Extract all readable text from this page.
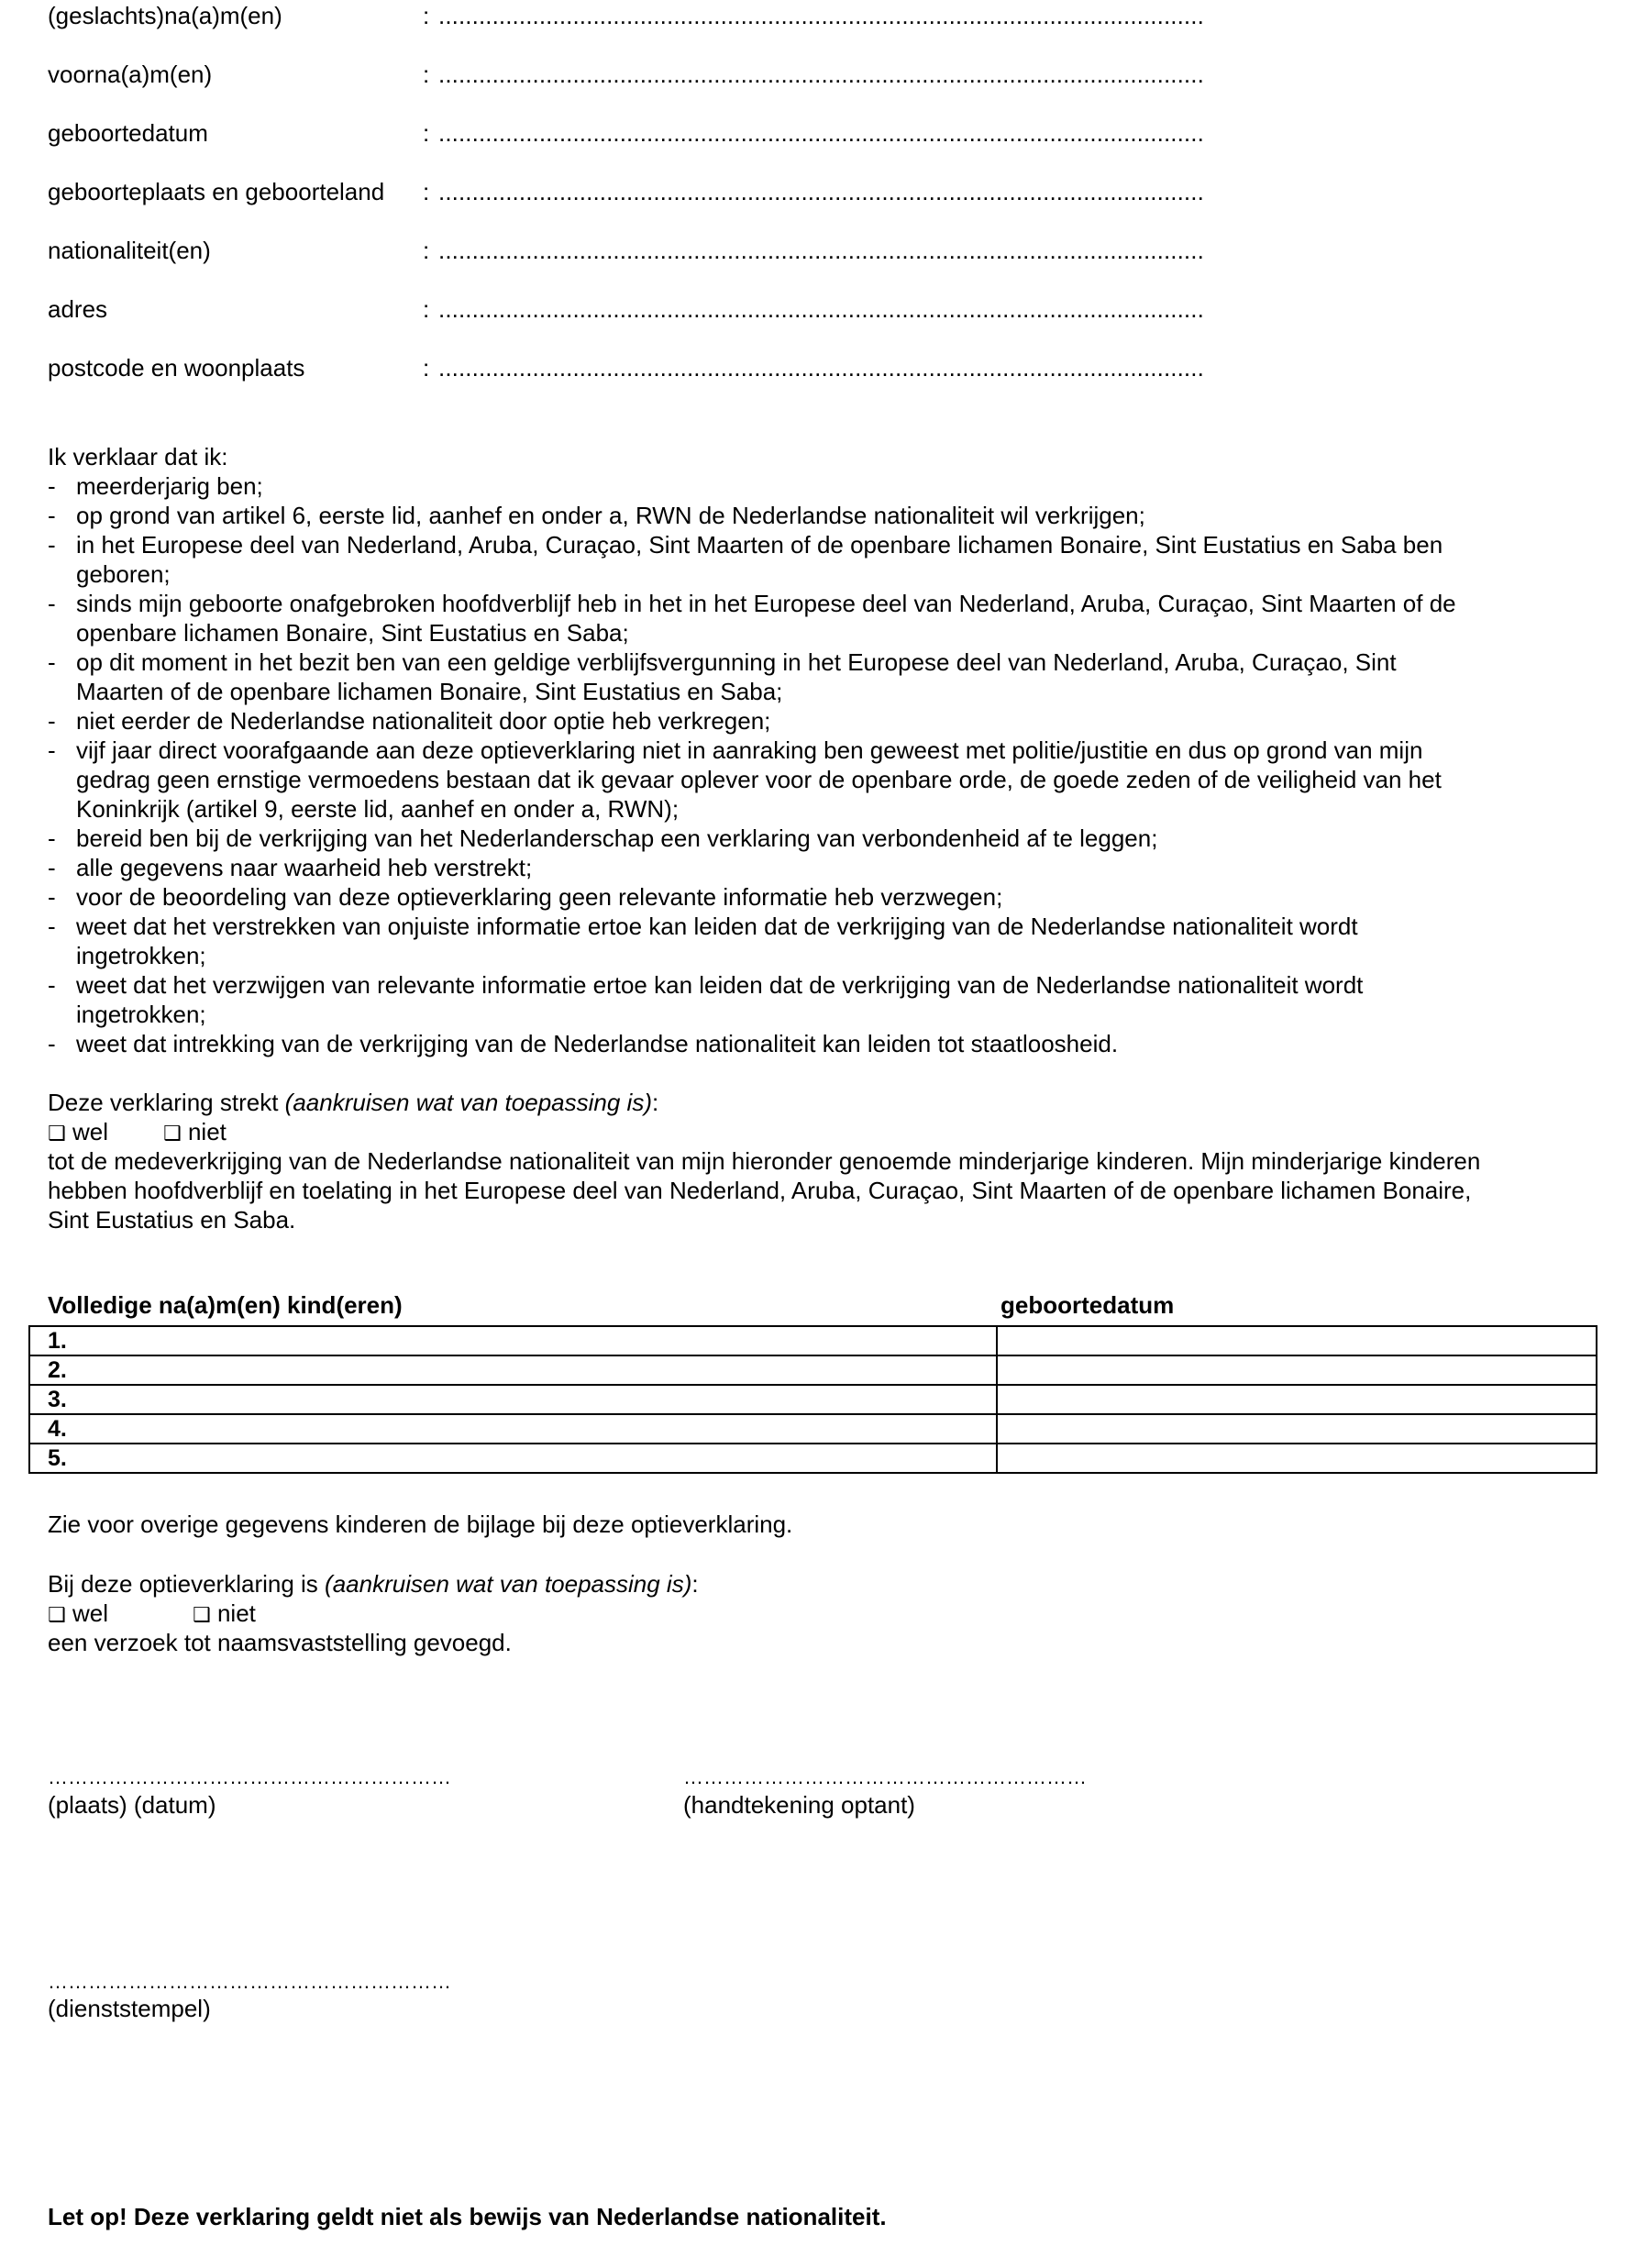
(geslachts)na(a)m(en)	: ..................................................................................................................
voorna(a)m(en)	: ..................................................................................................................
geboortedatum	: ..................................................................................................................
geboorteplaats en geboorteland : ..................................................................................................................
nationaliteit(en)	: ..................................................................................................................
adres	: ..................................................................................................................
postcode en woonplaats	: ..................................................................................................................
Ik verklaar dat ik:
- meerderjarig ben;
- op grond van artikel 6, eerste lid, aanhef en onder a, RWN de Nederlandse nationaliteit wil verkrijgen;
- in het Europese deel van Nederland, Aruba, Curaçao, Sint Maarten of de openbare lichamen Bonaire, Sint Eustatius en Saba ben
geboren;
- sinds mijn geboorte onafgebroken hoofdverblijf heb in het in het Europese deel van Nederland, Aruba, Curaçao, Sint Maarten of de
openbare lichamen Bonaire, Sint Eustatius en Saba;
- op dit moment in het bezit ben van een geldige verblijfsvergunning in het Europese deel van Nederland, Aruba, Curaçao, Sint
Maarten of de openbare lichamen Bonaire, Sint Eustatius en Saba;
- niet eerder de Nederlandse nationaliteit door optie heb verkregen;
- vijf jaar direct voorafgaande aan deze optieverklaring niet in aanraking ben geweest met politie/justitie en dus op grond van mijn
gedrag geen ernstige vermoedens bestaan dat ik gevaar oplever voor de openbare orde, de goede zeden of de veiligheid van het
Koninkrijk (artikel 9, eerste lid, aanhef en onder a, RWN);
- bereid ben bij de verkrijging van het Nederlanderschap een verklaring van verbondenheid af te leggen;
- alle gegevens naar waarheid heb verstrekt;
- voor de beoordeling van deze optieverklaring geen relevante informatie heb verzwegen;
- weet dat het verstrekken van onjuiste informatie ertoe kan leiden dat de verkrijging van de Nederlandse nationaliteit wordt
ingetrokken;
- weet dat het verzwijgen van relevante informatie ertoe kan leiden dat de verkrijging van de Nederlandse nationaliteit wordt
ingetrokken;
- weet dat intrekking van de verkrijging van de Nederlandse nationaliteit kan leiden tot staatloosheid.
Deze verklaring strekt (aankruisen wat van toepassing is):
❑ wel	❑ niet
tot de medeverkrijging van de Nederlandse nationaliteit van mijn hieronder genoemde minderjarige kinderen. Mijn minderjarige kinderen
hebben hoofdverblijf en toelating in het Europese deel van Nederland, Aruba, Curaçao, Sint Maarten of de openbare lichamen Bonaire,
Sint Eustatius en Saba.
Volledige na(a)m(en) kind(eren)	geboortedatum
1.	
2.	
3.	
4.	
5.	
Zie voor overige gegevens kinderen de bijlage bij deze optieverklaring.
Bij deze optieverklaring is (aankruisen wat van toepassing is):
❑ wel	❑ niet
een verzoek tot naamsvaststelling gevoegd.
……………………………………………………
(plaats) (datum)
……………………………………………………
(handtekening optant)
……………………………………………………
(dienststempel)
Let op! Deze verklaring geldt niet als bewijs van Nederlandse nationaliteit.
